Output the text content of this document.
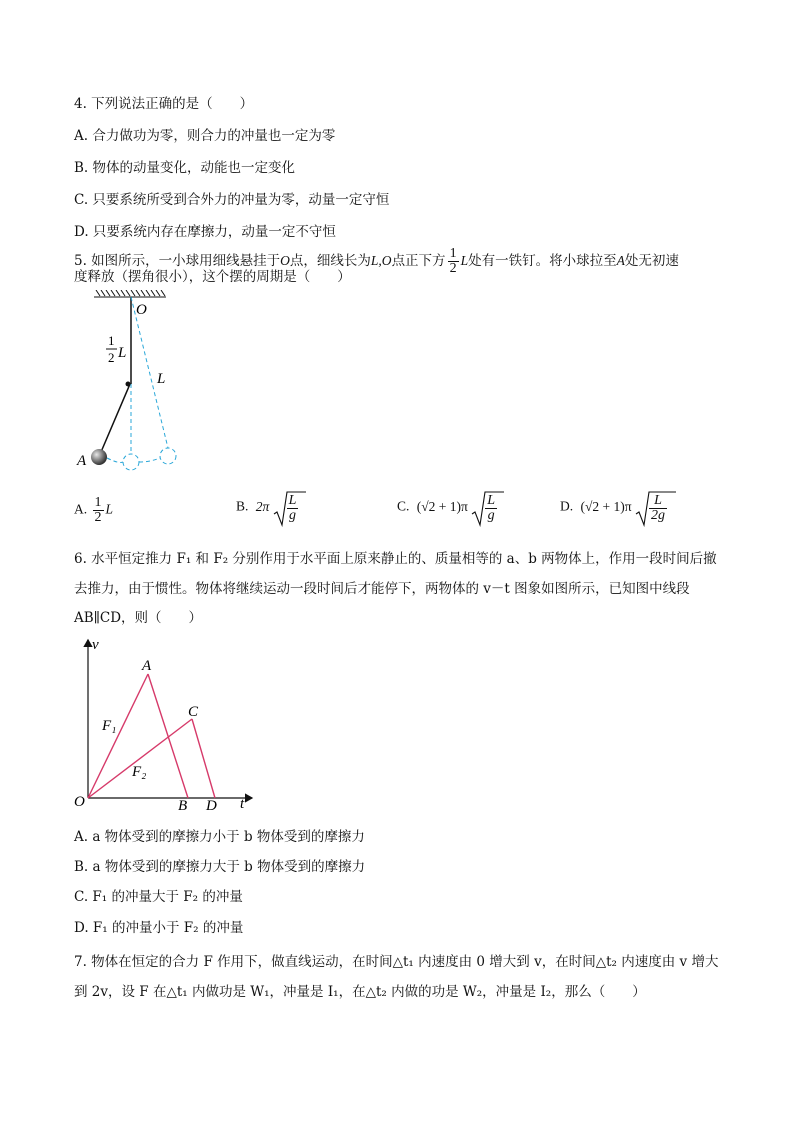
4. 下列说法正确的是（　　）
A. 合力做功为零，则合力的冲量也一定为零
B. 物体的动量变化，动能也一定变化
C. 只要系统所受到合外力的冲量为零，动量一定守恒
D. 只要系统内存在摩擦力，动量一定不守恒
5. 如图所示，一小球用细线悬挂于O点，细线长为L,O点正下方 $\frac{1}{2}$ L处有一铁钉。将小球拉至A处无初速
度释放（摆角很小），这个摆的周期是（　　）
O
1
2 L
L
A
A. $\frac{1}{2}$ L	B. $2\pi \frac{L}{g}$	C. $(√2 + 1)\pi \frac{L}{g}$	D. $(√2 + 1)\pi \frac{L}{2g}$
6. 水平恒定推力 F₁ 和 F₂ 分别作用于水平面上原来静止的、质量相等的 a、b 两物体上，作用一段时间后撤
去推力，由于惯性。物体将继续运动一段时间后才能停下，两物体的 v－t 图象如图所示，已知图中线段
AB∥CD，则（　　）
v
t
O
A
B
C
D
F₁
F₂
A. a 物体受到的摩擦力小于 b 物体受到的摩擦力
B. a 物体受到的摩擦力大于 b 物体受到的摩擦力
C. F₁ 的冲量大于 F₂ 的冲量
D. F₁ 的冲量小于 F₂ 的冲量
7. 物体在恒定的合力 F 作用下，做直线运动，在时间△t₁ 内速度由 0 增大到 v，在时间△t₂ 内速度由 v 增大
到 2v，设 F 在△t₁ 内做功是 W₁，冲量是 I₁，在△t₂ 内做的功是 W₂，冲量是 I₂，那么（　　）
